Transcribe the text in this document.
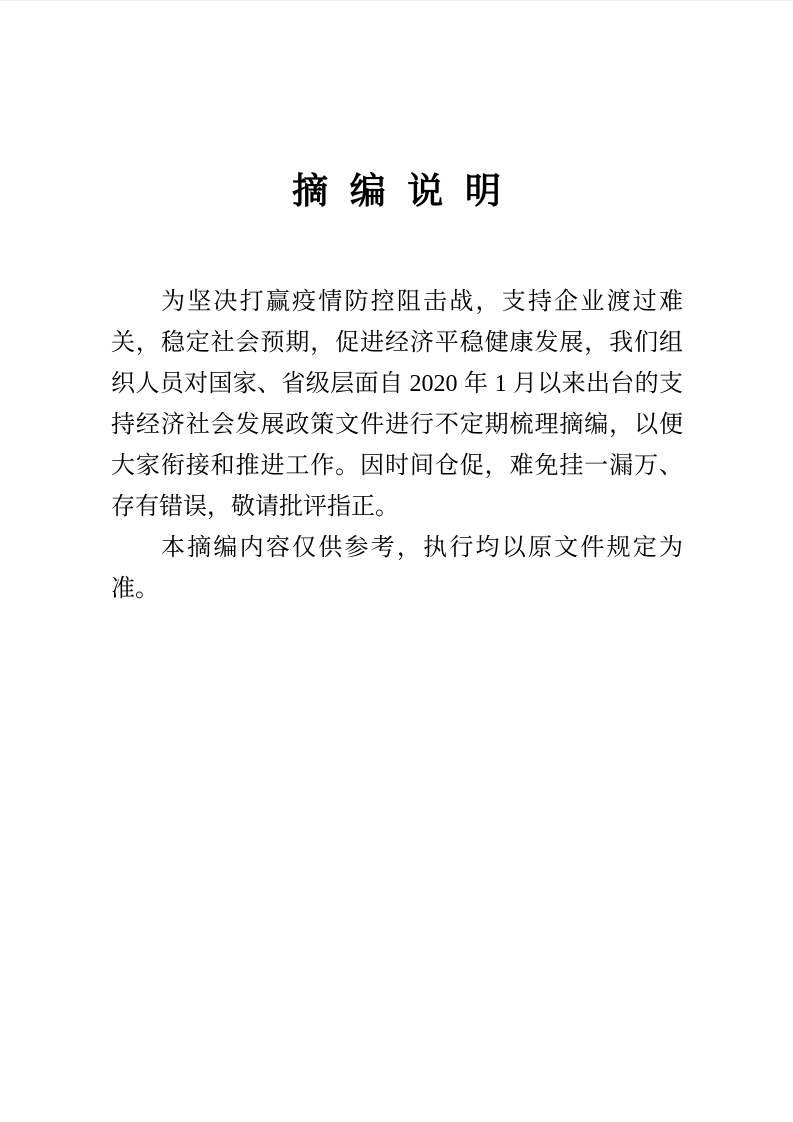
摘编说明
为坚决打赢疫情防控阻击战，支持企业渡过难
关，稳定社会预期，促进经济平稳健康发展，我们组
织人员对国家、省级层面自 2020 年 1 月以来出台的支
持经济社会发展政策文件进行不定期梳理摘编，以便
大家衔接和推进工作。因时间仓促，难免挂一漏万、
存有错误，敬请批评指正。
本摘编内容仅供参考，执行均以原文件规定为
准。
